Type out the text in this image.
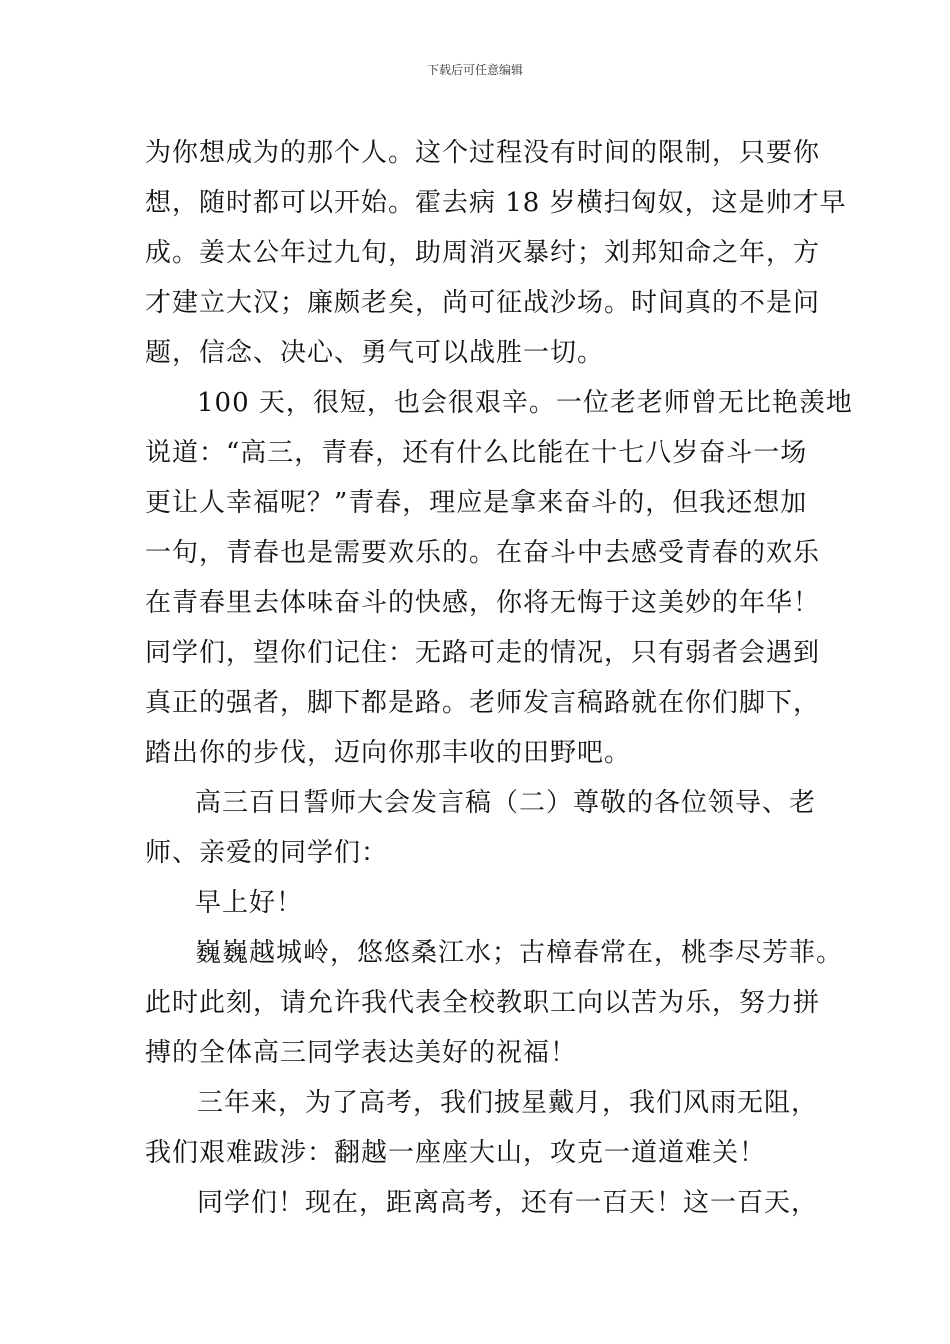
下载后可任意编辑
为你想成为的那个人。这个过程没有时间的限制，只要你
想，随时都可以开始。霍去病 18 岁横扫匈奴，这是帅才早
成。姜太公年过九旬，助周消灭暴纣；刘邦知命之年，方
才建立大汉；廉颇老矣，尚可征战沙场。时间真的不是问
题，信念、决心、勇气可以战胜一切。
100 天，很短，也会很艰辛。一位老老师曾无比艳羡地
说道：“高三，青春，还有什么比能在十七八岁奋斗一场
更让人幸福呢？”青春，理应是拿来奋斗的，但我还想加
一句，青春也是需要欢乐的。在奋斗中去感受青春的欢乐
在青春里去体味奋斗的快感，你将无悔于这美妙的年华！
同学们，望你们记住：无路可走的情况，只有弱者会遇到
真正的强者，脚下都是路。老师发言稿路就在你们脚下，
踏出你的步伐，迈向你那丰收的田野吧。
高三百日誓师大会发言稿（二）尊敬的各位领导、老
师、亲爱的同学们：
早上好！
巍巍越城岭，悠悠桑江水；古樟春常在，桃李尽芳菲。
此时此刻，请允许我代表全校教职工向以苦为乐，努力拼
搏的全体高三同学表达美好的祝福！
三年来，为了高考，我们披星戴月，我们风雨无阻，
我们艰难跋涉：翻越一座座大山，攻克一道道难关！
同学们！现在，距离高考，还有一百天！这一百天，
